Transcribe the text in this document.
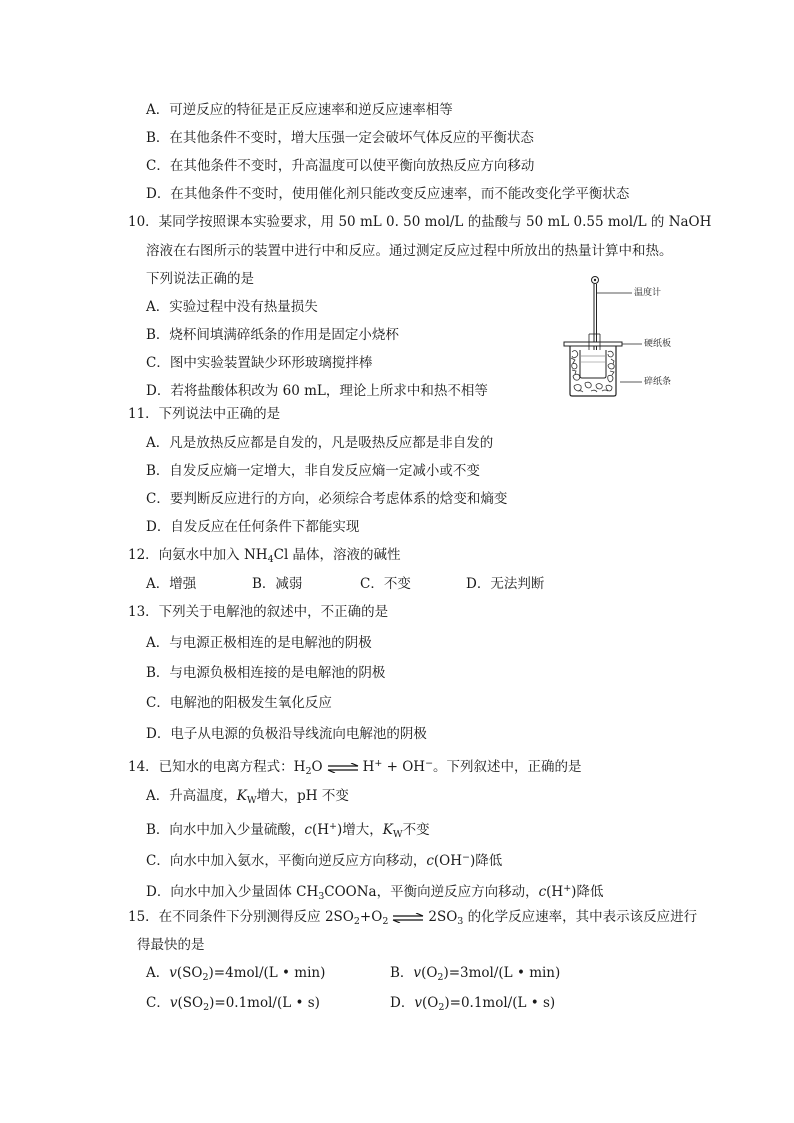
A．可逆反应的特征是正反应速率和逆反应速率相等
B．在其他条件不变时，增大压强一定会破坏气体反应的平衡状态
C．在其他条件不变时，升高温度可以使平衡向放热反应方向移动
D．在其他条件不变时，使用催化剂只能改变反应速率，而不能改变化学平衡状态
10．某同学按照课本实验要求，用 50 mL 0. 50 mol/L 的盐酸与 50 mL 0.55 mol/L 的 NaOH
溶液在右图所示的装置中进行中和反应。通过测定反应过程中所放出的热量计算中和热。
下列说法正确的是
A．实验过程中没有热量损失
B．烧杯间填满碎纸条的作用是固定小烧杯
C．图中实验装置缺少环形玻璃搅拌棒
D．若将盐酸体积改为 60 mL，理论上所求中和热不相等
温度计
硬纸板
碎纸条
11．下列说法中正确的是
A．凡是放热反应都是自发的，凡是吸热反应都是非自发的
B．自发反应熵一定增大，非自发反应熵一定减小或不变
C．要判断反应进行的方向，必须综合考虑体系的焓变和熵变
D．自发反应在任何条件下都能实现
12．向氨水中加入 $NH_4Cl$ 晶体，溶液的碱性
A．增强	B．减弱	C．不变	D．无法判断
13．下列关于电解池的叙述中，不正确的是
A．与电源正极相连的是电解池的阴极
B．与电源负极相连接的是电解池的阴极
C．电解池的阳极发生氧化反应
D．电子从电源的负极沿导线流向电解池的阴极
14．已知水的电离方程式：$H_2O$ ⇌ H+ + OH−。下列叙述中，正确的是
A．升高温度，$K_W$增大，pH 不变
B．向水中加入少量硫酸，c(H+)增大，$K_W$不变
C．向水中加入氨水，平衡向逆反应方向移动，c(OH−)降低
D．向水中加入少量固体 $CH_3COONa$，平衡向逆反应方向移动，c(H+)降低
15．在不同条件下分别测得反应 $2SO_2+O_2$ ⇌ $2SO_3$ 的化学反应速率，其中表示该反应进行
得最快的是
A．$v(SO_2)=4mol/(L$ • min)	B．$v(O_2)=3mol/(L$ • min)
C．$v(SO_2)=0.1mol/(L$ • s)	D．$v(O_2)=0.1mol/(L$ • s)
